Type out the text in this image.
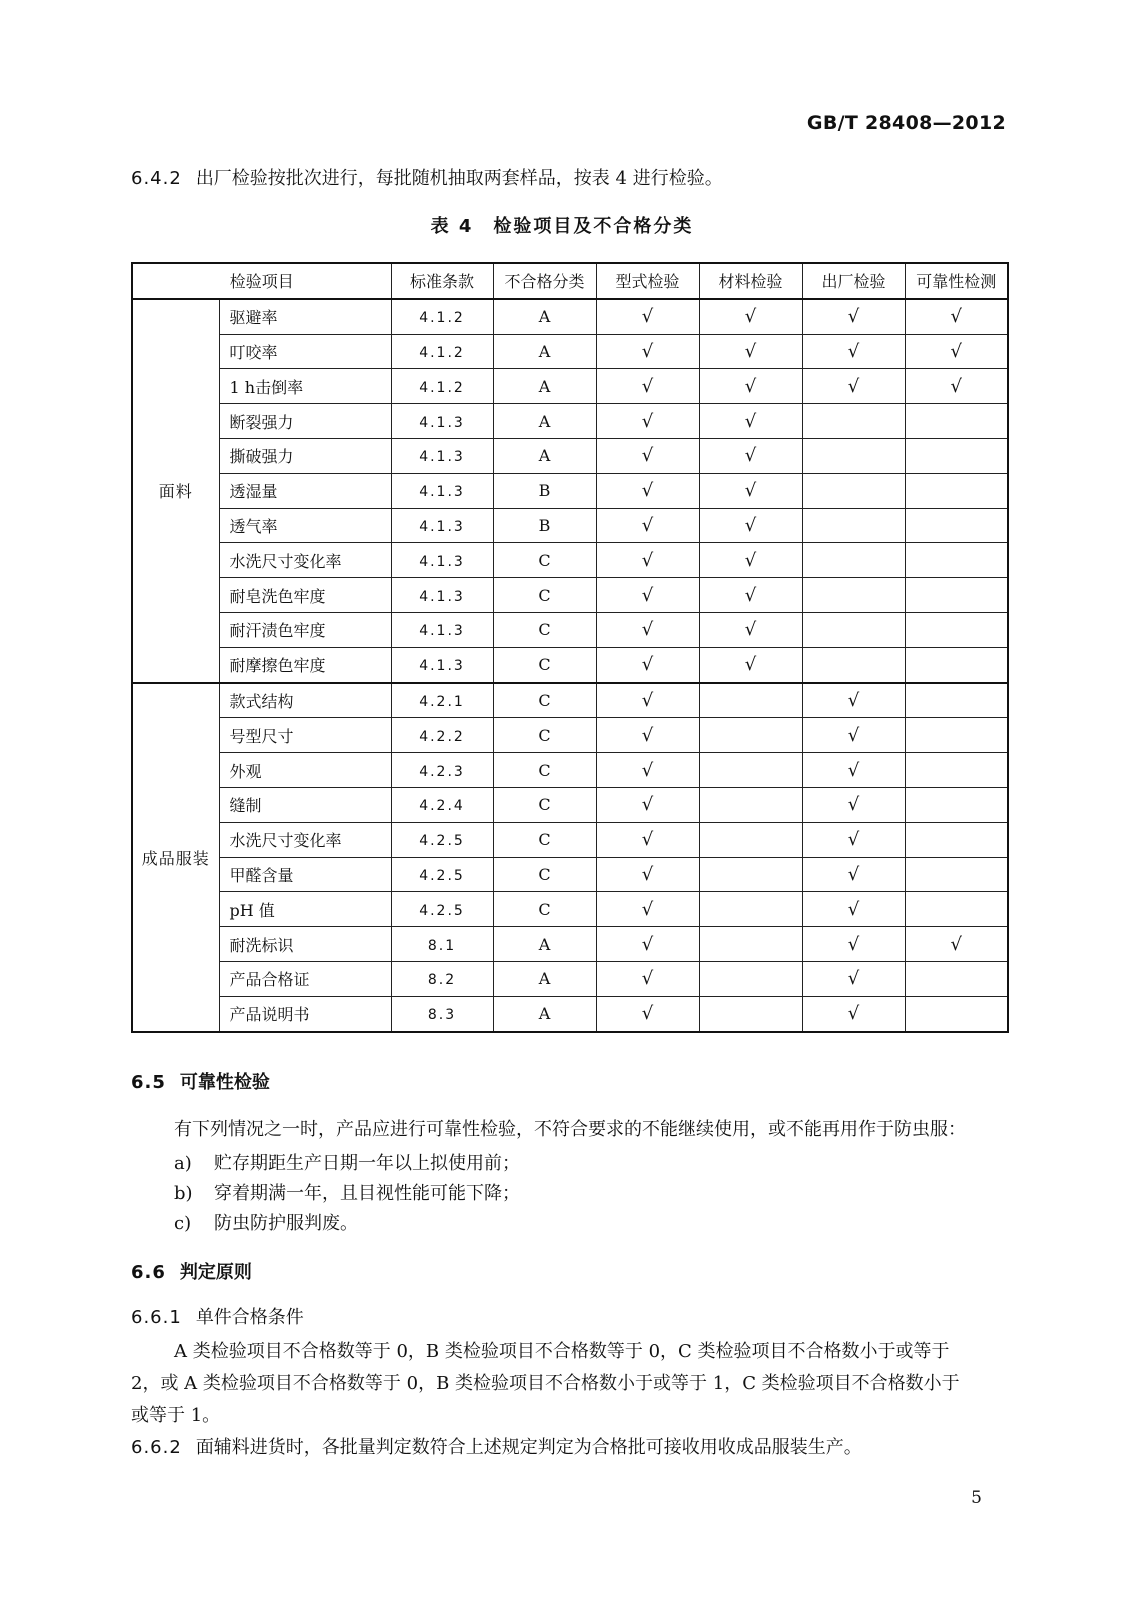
GB/T 28408—2012
6.4.2 出厂检验按批次进行，每批随机抽取两套样品，按表 4 进行检验。
表 4　检验项目及不合格分类
检验项目		标准条款	不合格分类	型式检验	材料检验	出厂检验	可靠性检测
面料	驱避率	4.1.2	A	√	√	√	√
	叮咬率	4.1.2	A	√	√	√	√
	1 h击倒率	4.1.2	A	√	√	√	√
	断裂强力	4.1.3	A	√	√		
	撕破强力	4.1.3	A	√	√		
	透湿量	4.1.3	B	√	√		
	透气率	4.1.3	B	√	√		
	水洗尺寸变化率	4.1.3	C	√	√		
	耐皂洗色牢度	4.1.3	C	√	√		
	耐汗渍色牢度	4.1.3	C	√	√		
	耐摩擦色牢度	4.1.3	C	√	√		
成品服装	款式结构	4.2.1	C	√		√	
	号型尺寸	4.2.2	C	√		√	
	外观	4.2.3	C	√		√	
	缝制	4.2.4	C	√		√	
	水洗尺寸变化率	4.2.5	C	√		√	
	甲醛含量	4.2.5	C	√		√	
	pH 值	4.2.5	C	√		√	
	耐洗标识	8.1	A	√		√	√
	产品合格证	8.2	A	√		√	
	产品说明书	8.3	A	√		√	
6.5 可靠性检验
有下列情况之一时，产品应进行可靠性检验，不符合要求的不能继续使用，或不能再用作于防虫服：
a) 贮存期距生产日期一年以上拟使用前；
b) 穿着期满一年，且目视性能可能下降；
c) 防虫防护服判废。
6.6 判定原则
6.6.1 单件合格条件
A 类检验项目不合格数等于 0，B 类检验项目不合格数等于 0，C 类检验项目不合格数小于或等于
2，或 A 类检验项目不合格数等于 0，B 类检验项目不合格数小于或等于 1，C 类检验项目不合格数小于
或等于 1。
6.6.2 面辅料进货时，各批量判定数符合上述规定判定为合格批可接收用收成品服装生产。
5
